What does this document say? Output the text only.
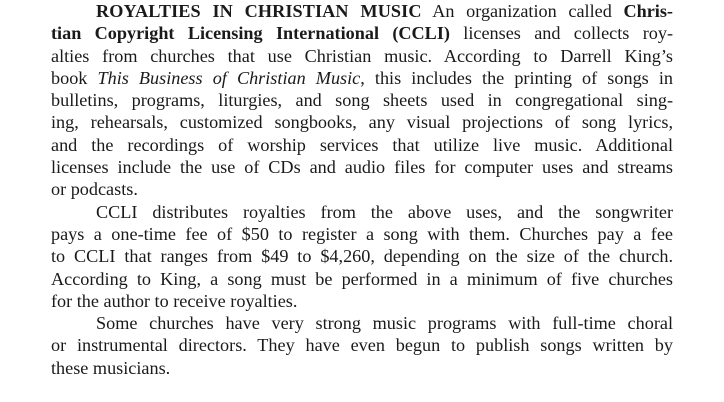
ROYALTIES IN CHRISTIAN MUSIC An organization called Chris-
tian Copyright Licensing International (CCLI) licenses and collects roy-
alties from churches that use Christian music. According to Darrell King’s
book This Business of Christian Music, this includes the printing of songs in
bulletins, programs, liturgies, and song sheets used in congregational sing-
ing, rehearsals, customized songbooks, any visual projections of song lyrics,
and the recordings of worship services that utilize live music. Additional
licenses include the use of CDs and audio files for computer uses and streams
or podcasts.
CCLI distributes royalties from the above uses, and the songwriter
pays a one-time fee of $50 to register a song with them. Churches pay a fee
to CCLI that ranges from $49 to $4,260, depending on the size of the church.
According to King, a song must be performed in a minimum of five churches
for the author to receive royalties.
Some churches have very strong music programs with full-time choral
or instrumental directors. They have even begun to publish songs written by
these musicians.
